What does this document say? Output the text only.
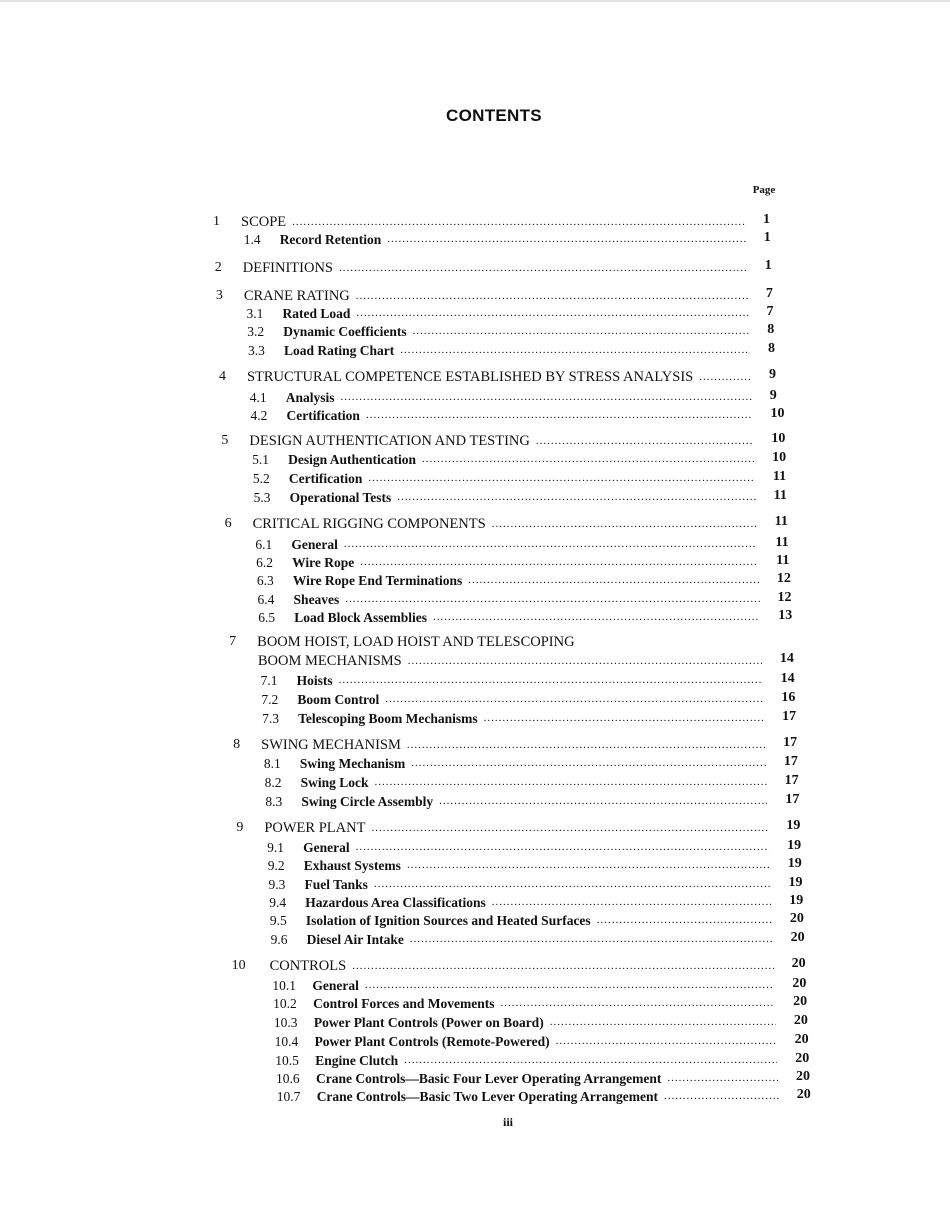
CONTENTS
Page
1 SCOPE .....	1
1.4 Record Retention .....	1
2 DEFINITIONS .....	1
3 CRANE RATING .....	7
3.1 Rated Load .....	7
3.2 Dynamic Coefficients .....	8
3.3 Load Rating Chart .....	8
4 STRUCTURAL COMPETENCE ESTABLISHED BY STRESS ANALYSIS .....	9
4.1 Analysis .....	9
4.2 Certification .....	10
5 DESIGN AUTHENTICATION AND TESTING .....	10
5.1 Design Authentication .....	10
5.2 Certification .....	11
5.3 Operational Tests .....	11
6 CRITICAL RIGGING COMPONENTS .....	11
6.1 General .....	11
6.2 Wire Rope .....	11
6.3 Wire Rope End Terminations .....	12
6.4 Sheaves .....	12
6.5 Load Block Assemblies .....	13
7 BOOM HOIST, LOAD HOIST AND TELESCOPING
BOOM MECHANISMS .....	14
7.1 Hoists .....	14
7.2 Boom Control .....	16
7.3 Telescoping Boom Mechanisms .....	17
8 SWING MECHANISM .....	17
8.1 Swing Mechanism .....	17
8.2 Swing Lock .....	17
8.3 Swing Circle Assembly .....	17
9 POWER PLANT .....	19
9.1 General .....	19
9.2 Exhaust Systems .....	19
9.3 Fuel Tanks .....	19
9.4 Hazardous Area Classifications .....	19
9.5 Isolation of Ignition Sources and Heated Surfaces .....	20
9.6 Diesel Air Intake .....	20
10 CONTROLS .....	20
10.1 General .....	20
10.2 Control Forces and Movements .....	20
10.3 Power Plant Controls (Power on Board) .....	20
10.4 Power Plant Controls (Remote-Powered) .....	20
10.5 Engine Clutch .....	20
10.6 Crane Controls—Basic Four Lever Operating Arrangement .....	20
10.7 Crane Controls—Basic Two Lever Operating Arrangement .....	20
iii
